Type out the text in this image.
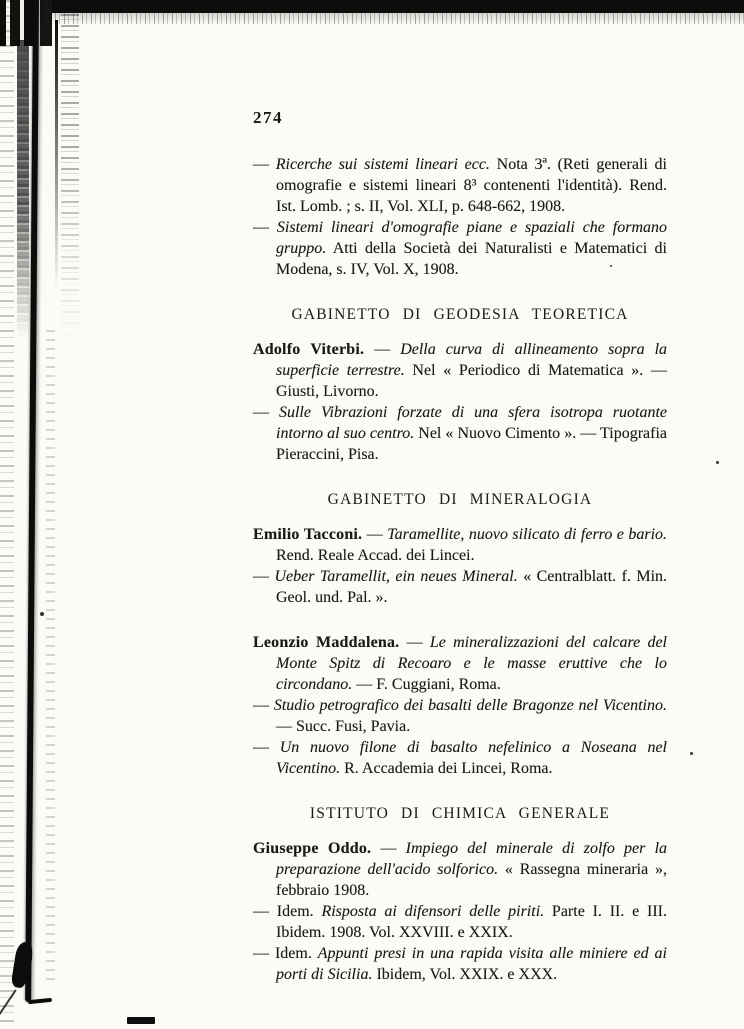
274

— Ricerche sui sistemi lineari ecc. Nota 3ª. (Reti generali di omografie e sistemi lineari 8³ contenenti l'identità). Rend. Ist. Lomb. ; s. II, Vol. XLI, p. 648-662, 1908.

— Sistemi lineari d'omografie piane e spaziali che formano gruppo. Atti della Società dei Naturalisti e Matematici di Modena, s. IV, Vol. X, 1908.

GABINETTO DI GEODESIA TEORETICA

Adolfo Viterbi. — Della curva di allineamento sopra la superficie terrestre. Nel « Periodico di Matematica ». — Giusti, Livorno.

— Sulle Vibrazioni forzate di una sfera isotropa ruotante intorno al suo centro. Nel « Nuovo Cimento ». — Tipografia Pieraccini, Pisa.

GABINETTO DI MINERALOGIA

Emilio Tacconi. — Taramellite, nuovo silicato di ferro e bario. Rend. Reale Accad. dei Lincei.

— Ueber Taramellit, ein neues Mineral. « Centralblatt. f. Min. Geol. und. Pal. ».

Leonzio Maddalena. — Le mineralizzazioni del calcare del Monte Spitz di Recoaro e le masse eruttive che lo circondano. — F. Cuggiani, Roma.

— Studio petrografico dei basalti delle Bragonze nel Vicentino. — Succ. Fusi, Pavia.

— Un nuovo filone di basalto nefelinico a Noseana nel Vicentino. R. Accademia dei Lincei, Roma.

ISTITUTO DI CHIMICA GENERALE

Giuseppe Oddo. — Impiego del minerale di zolfo per la preparazione dell'acido solforico. « Rassegna mineraria », febbraio 1908.

— Idem. Risposta ai difensori delle piriti. Parte I. II. e III. Ibidem. 1908. Vol. XXVIII. e XXIX.

— Idem. Appunti presi in una rapida visita alle miniere ed ai porti di Sicilia. Ibidem, Vol. XXIX. e XXX.
